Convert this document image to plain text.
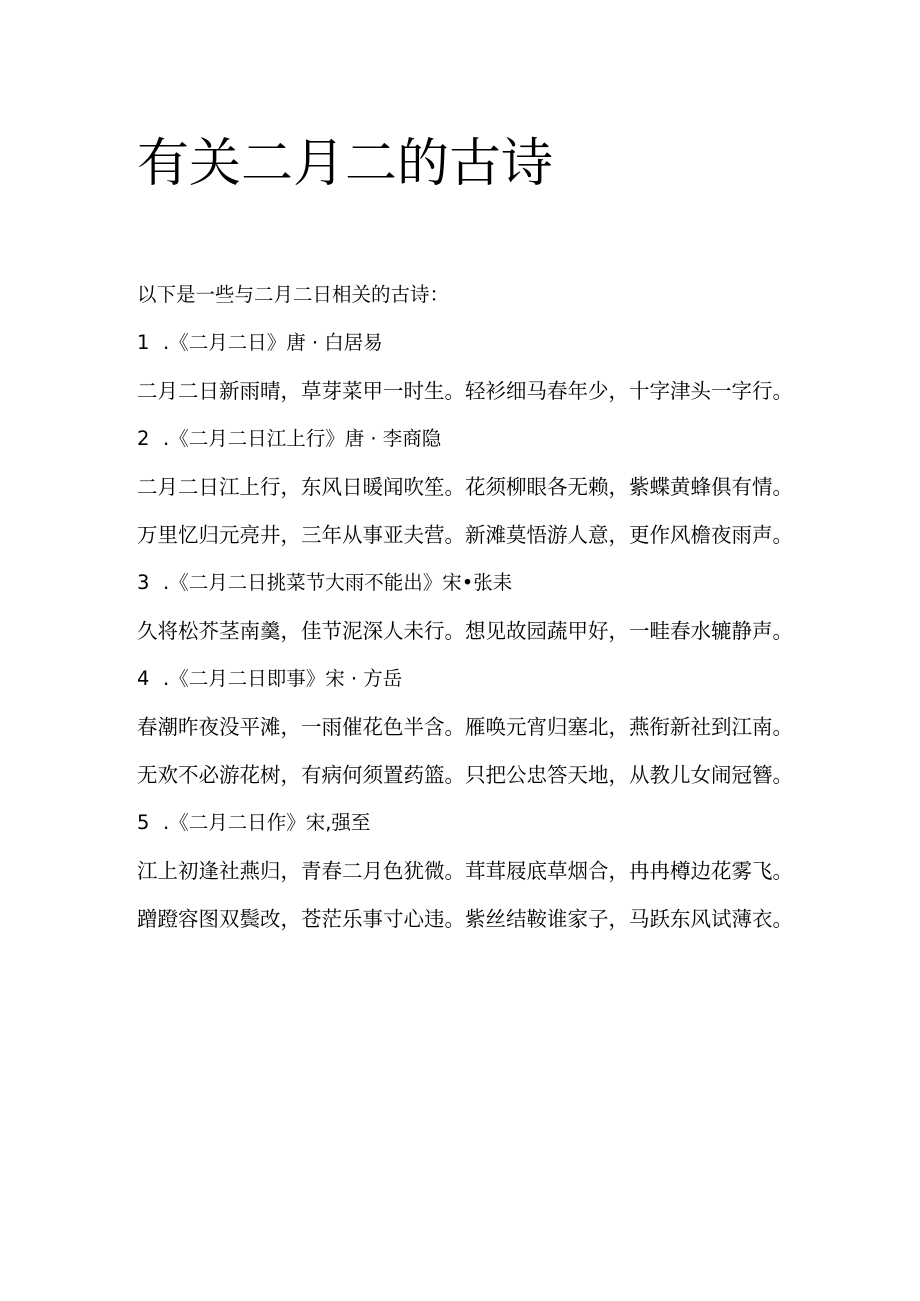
有关二月二的古诗

以下是一些与二月二日相关的古诗：

1 .《二月二日》唐 · 白居易

二月二日新雨晴，草芽菜甲一时生。轻衫细马春年少，十字津头一字行。

2 .《二月二日江上行》唐 · 李商隐

二月二日江上行，东风日暖闻吹笙。花须柳眼各无赖，紫蝶黄蜂俱有情。

万里忆归元亮井，三年从事亚夫营。新滩莫悟游人意，更作风檐夜雨声。

3 .《二月二日挑菜节大雨不能出》宋•张耒

久将松芥茎南羹，佳节泥深人未行。想见故园蔬甲好，一畦春水辘静声。

4 .《二月二日即事》宋 · 方岳

春潮昨夜没平滩，一雨催花色半含。雁唤元宵归塞北，燕衔新社到江南。

无欢不必游花树，有病何须置药篮。只把公忠答天地，从教儿女闹冠簪。

5 .《二月二日作》宋,强至

江上初逢社燕归，青春二月色犹微。茸茸屐底草烟合，冉冉樽边花雾飞。

蹭蹬容图双鬓改，苍茫乐事寸心违。紫丝结鞍谁家子，马跃东风试薄衣。
